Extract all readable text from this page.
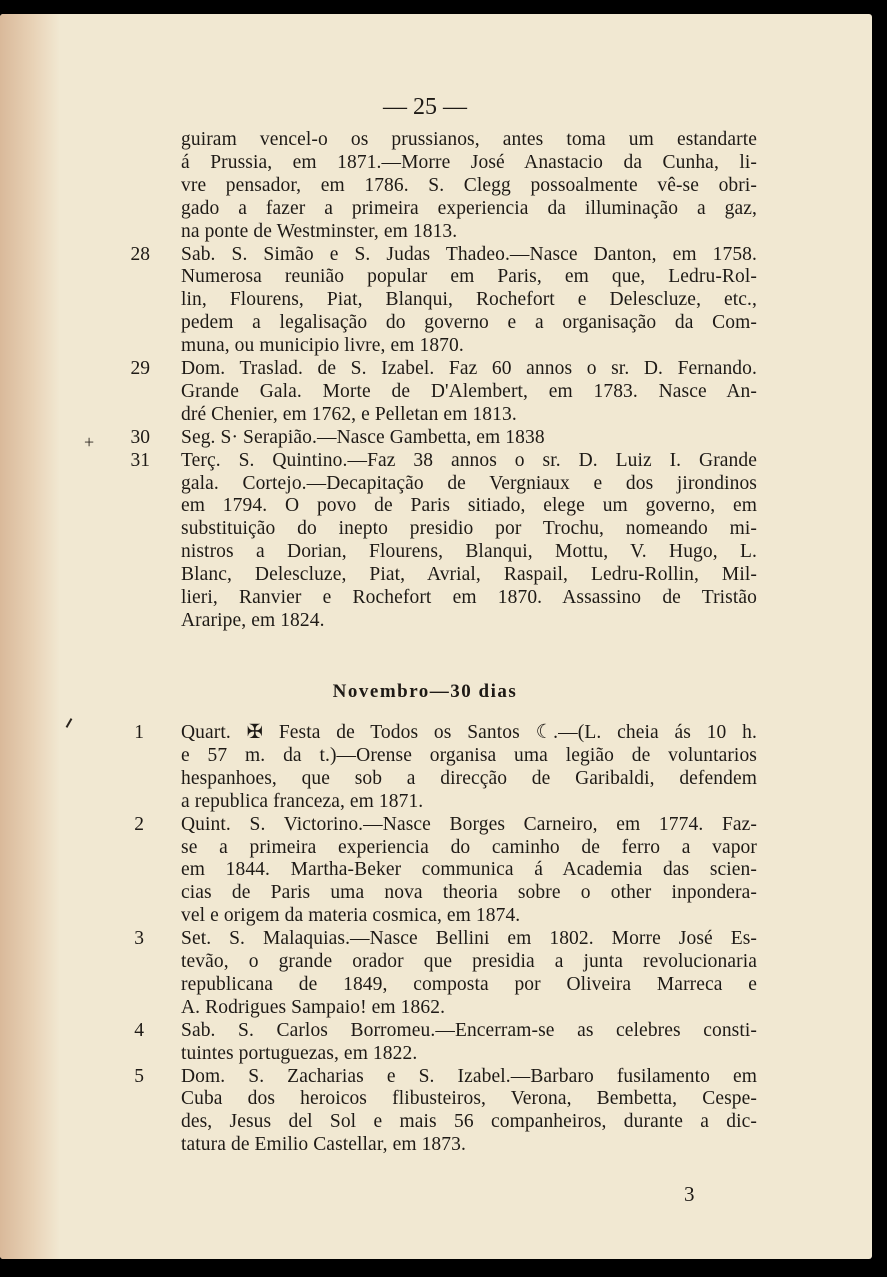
— 25 —
guiram vencel-o os prussianos, antes toma um estandarte
á Prussia, em 1871.—Morre José Anastacio da Cunha, li-
vre pensador, em 1786. S. Clegg possoalmente vê-se obri-
gado a fazer a primeira experiencia da illuminação a gaz,
na ponte de Westminster, em 1813.
28 Sab. S. Simão e S. Judas Thadeo.—Nasce Danton, em 1758.
Numerosa reunião popular em Paris, em que, Ledru-Rol-
lin, Flourens, Piat, Blanqui, Rochefort e Delescluze, etc.,
pedem a legalisação do governo e a organisação da Com-
muna, ou municipio livre, em 1870.
29 Dom. Traslad. de S. Izabel. Faz 60 annos o sr. D. Fernando.
Grande Gala. Morte de D'Alembert, em 1783. Nasce An-
dré Chenier, em 1762, e Pelletan em 1813.
30 Seg. S· Serapião.—Nasce Gambetta, em 1838
31 Terç. S. Quintino.—Faz 38 annos o sr. D. Luiz I. Grande
gala. Cortejo.—Decapitação de Vergniaux e dos jirondinos
em 1794. O povo de Paris sitiado, elege um governo, em
substituição do inepto presidio por Trochu, nomeando mi-
nistros a Dorian, Flourens, Blanqui, Mottu, V. Hugo, L.
Blanc, Delescluze, Piat, Avrial, Raspail, Ledru-Rollin, Mil-
lieri, Ranvier e Rochefort em 1870. Assassino de Tristão
Araripe, em 1824.
1 Quart. ✠ Festa de Todos os Santos ☾.—(L. cheia ás 10 h.
e 57 m. da t.)—Orense organisa uma legião de voluntarios
hespanhoes, que sob a direcção de Garibaldi, defendem
a republica franceza, em 1871.
2 Quint. S. Victorino.—Nasce Borges Carneiro, em 1774. Faz-
se a primeira experiencia do caminho de ferro a vapor
em 1844. Martha-Beker communica á Academia das scien-
cias de Paris uma nova theoria sobre o other inpondera-
vel e origem da materia cosmica, em 1874.
3 Set. S. Malaquias.—Nasce Bellini em 1802. Morre José Es-
tevão, o grande orador que presidia a junta revolucionaria
republicana de 1849, composta por Oliveira Marreca e
A. Rodrigues Sampaio! em 1862.
4 Sab. S. Carlos Borromeu.—Encerram-se as celebres consti-
tuintes portuguezas, em 1822.
5 Dom. S. Zacharias e S. Izabel.—Barbaro fusilamento em
Cuba dos heroicos flibusteiros, Verona, Bembetta, Cespe-
des, Jesus del Sol e mais 56 companheiros, durante a dic-
tatura de Emilio Castellar, em 1873.
Novembro—30 dias
+
3
